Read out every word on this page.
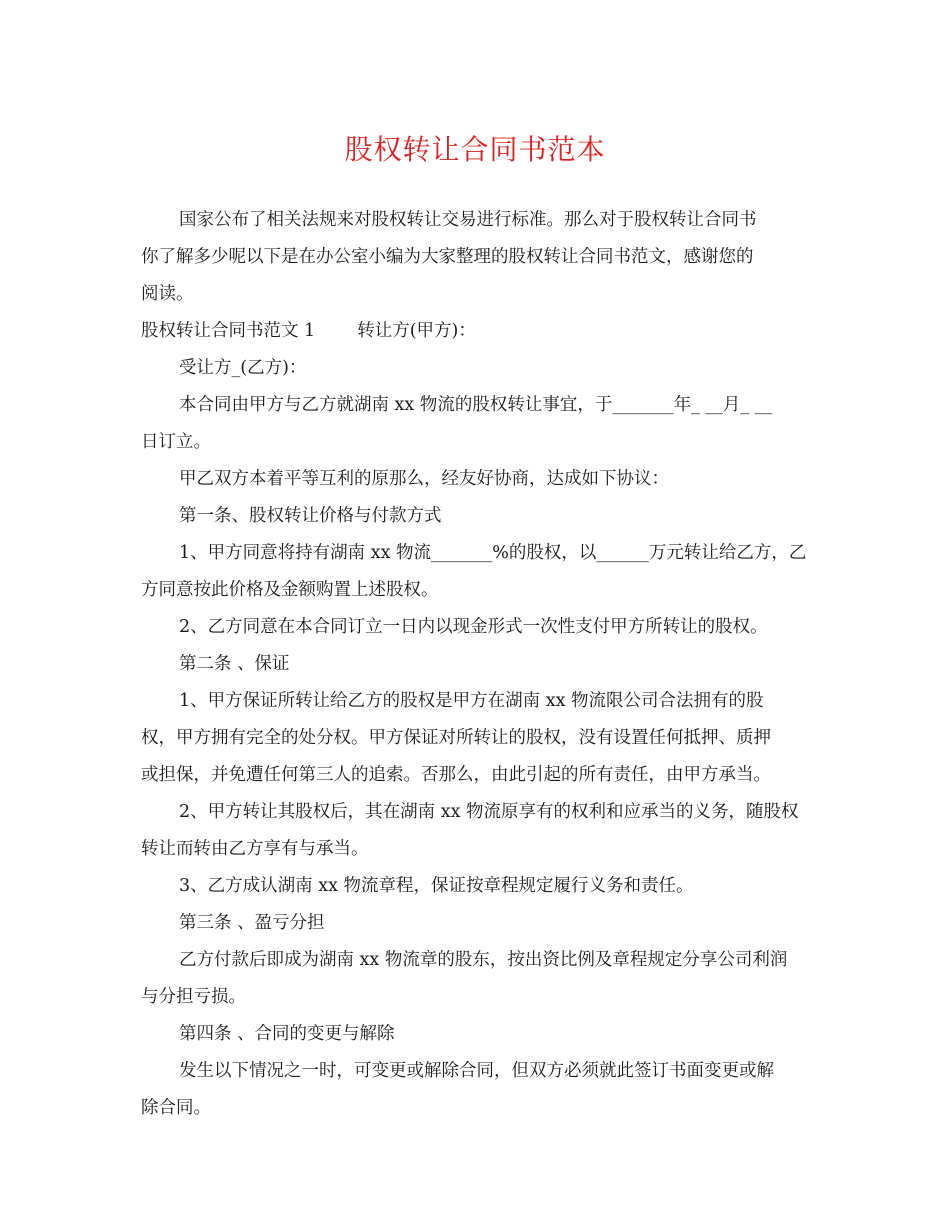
股权转让合同书范本
国家公布了相关法规来对股权转让交易进行标准。那么对于股权转让合同书
你了解多少呢以下是在办公室小编为大家整理的股权转让合同书范文，感谢您的
阅读。
股权转让合同书范文 1 转让方(甲方)：
受让方_(乙方)：
本合同由甲方与乙方就湖南 xx 物流的股权转让事宜，于_______年_ __月_ __
日订立。
甲乙双方本着平等互利的原那么，经友好协商，达成如下协议：
第一条、股权转让价格与付款方式
1、甲方同意将持有湖南 xx 物流_______%的股权，以______万元转让给乙方，乙
方同意按此价格及金额购置上述股权。
2、乙方同意在本合同订立一日内以现金形式一次性支付甲方所转让的股权。
第二条 、保证
1、甲方保证所转让给乙方的股权是甲方在湖南 xx 物流限公司合法拥有的股
权，甲方拥有完全的处分权。甲方保证对所转让的股权，没有设置任何抵押、质押
或担保，并免遭任何第三人的追索。否那么，由此引起的所有责任，由甲方承当。
2、甲方转让其股权后，其在湖南 xx 物流原享有的权利和应承当的义务，随股权
转让而转由乙方享有与承当。
3、乙方成认湖南 xx 物流章程，保证按章程规定履行义务和责任。
第三条 、盈亏分担
乙方付款后即成为湖南 xx 物流章的股东，按出资比例及章程规定分享公司利润
与分担亏损。
第四条 、合同的变更与解除
发生以下情况之一时，可变更或解除合同，但双方必须就此签订书面变更或解
除合同。
